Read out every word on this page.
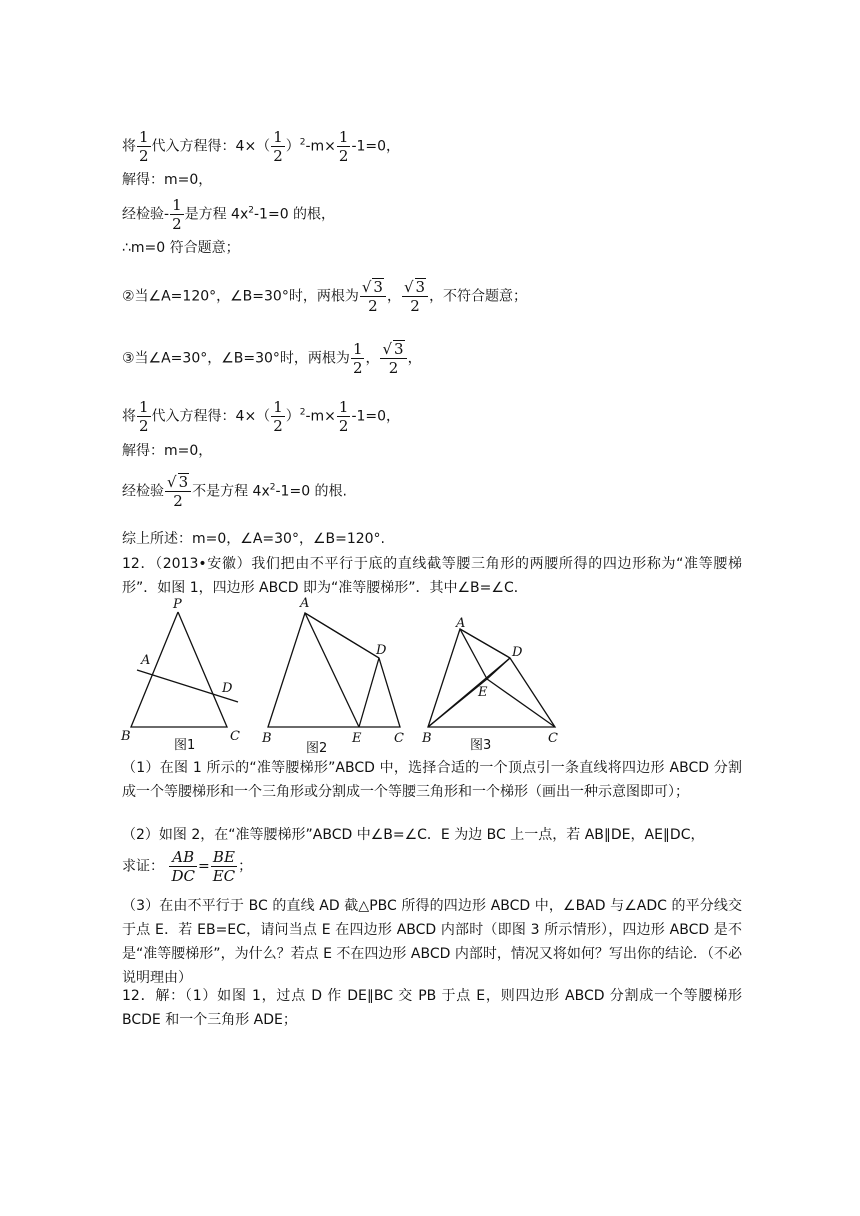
将 $\frac{1}{2}$ 代入方程得：$4\times( \frac{1}{2} )^2-m\times \frac{1}{2} -1=0$，
解得：m=0，
经检验- $\frac{1}{2}$ 是方程 $4x^2-1=0$ 的根，
∴m=0 符合题意；
②当∠A=120°，∠B=30°时，两根为 $\frac{√ 3}{2}$ ， $\frac{√ 3}{2}$ ，不符合题意；
③当∠A=30°，∠B=30°时，两根为 $\frac{1}{2}$ ， $\frac{√ 3}{2}$ ，
将 $\frac{1}{2}$ 代入方程得：$4\times( \frac{1}{2} )^2-m\times \frac{1}{2} -1=0$，
解得：m=0，
经检验 $\frac{√ 3}{2}$ 不是方程 $4x^2-1=0$ 的根.
综上所述：m=0，∠A=30°，∠B=120°.
12．（2013•安徽）我们把由不平行于底的直线截等腰三角形的两腰所得的四边形称为“准等腰梯形”．如图 1，四边形 ABCD 即为“准等腰梯形”．其中∠B=∠C．
P
A
D
B	C
图1
A
D
B	E	C
图2
A
D
E
B	C
图3
（1）在图 1 所示的“准等腰梯形”ABCD 中，选择合适的一个顶点引一条直线将四边形 ABCD 分割成一个等腰梯形和一个三角形或分割成一个等腰三角形和一个梯形（画出一种示意图即可）；
（2）如图 2，在“准等腰梯形”ABCD 中∠B=∠C．E 为边 BC 上一点，若 AB∥DE，AE∥DC，
求证： $\frac{AB}{DC} = \frac{BE}{EC}$ ；
（3）在由不平行于 BC 的直线 AD 截△PBC 所得的四边形 ABCD 中，∠BAD 与∠ADC 的平分线交于点 E．若 EB=EC，请问当点 E 在四边形 ABCD 内部时（即图 3 所示情形），四边形 ABCD 是不是“准等腰梯形”，为什么？若点 E 不在四边形 ABCD 内部时，情况又将如何？写出你的结论．（不必说明理由）
12．解：（1）如图 1，过点 D 作 DE∥BC 交 PB 于点 E，则四边形 ABCD 分割成一个等腰梯形 BCDE 和一个三角形 ADE；
